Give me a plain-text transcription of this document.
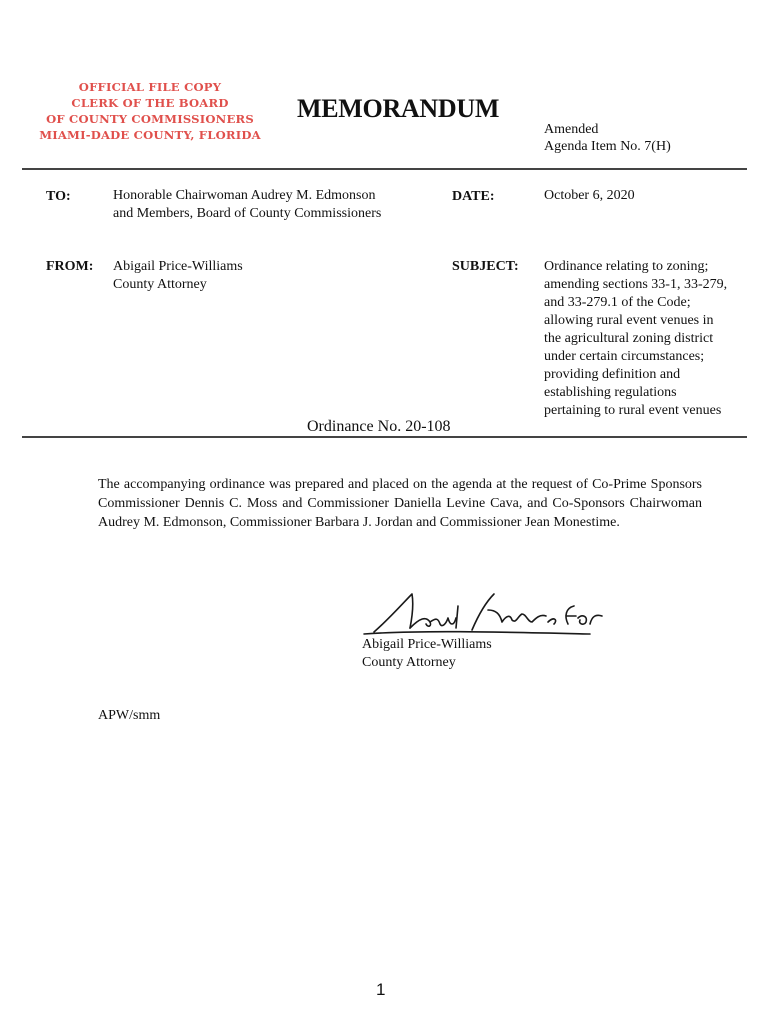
OFFICIAL FILE COPY
CLERK OF THE BOARD
OF COUNTY COMMISSIONERS
MIAMI-DADE COUNTY, FLORIDA
MEMORANDUM
Amended
Agenda Item No. 7(H)
TO:	Honorable Chairwoman Audrey M. Edmonson
and Members, Board of County Commissioners
DATE:	October 6, 2020
FROM: Abigail Price-Williams
County Attorney
SUBJECT: Ordinance relating to zoning;
amending sections 33-1, 33-279,
and 33-279.1 of the Code;
allowing rural event venues in
the agricultural zoning district
under certain circumstances;
providing definition and
establishing regulations
pertaining to rural event venues
Ordinance No. 20-108
The accompanying ordinance was prepared and placed on the agenda at the request of Co-Prime Sponsors Commissioner Dennis C. Moss and Commissioner Daniella Levine Cava, and Co-Sponsors Chairwoman Audrey M. Edmonson, Commissioner Barbara J. Jordan and Commissioner Jean Monestime.
Abigail Price-Williams
County Attorney
APW/smm
1
